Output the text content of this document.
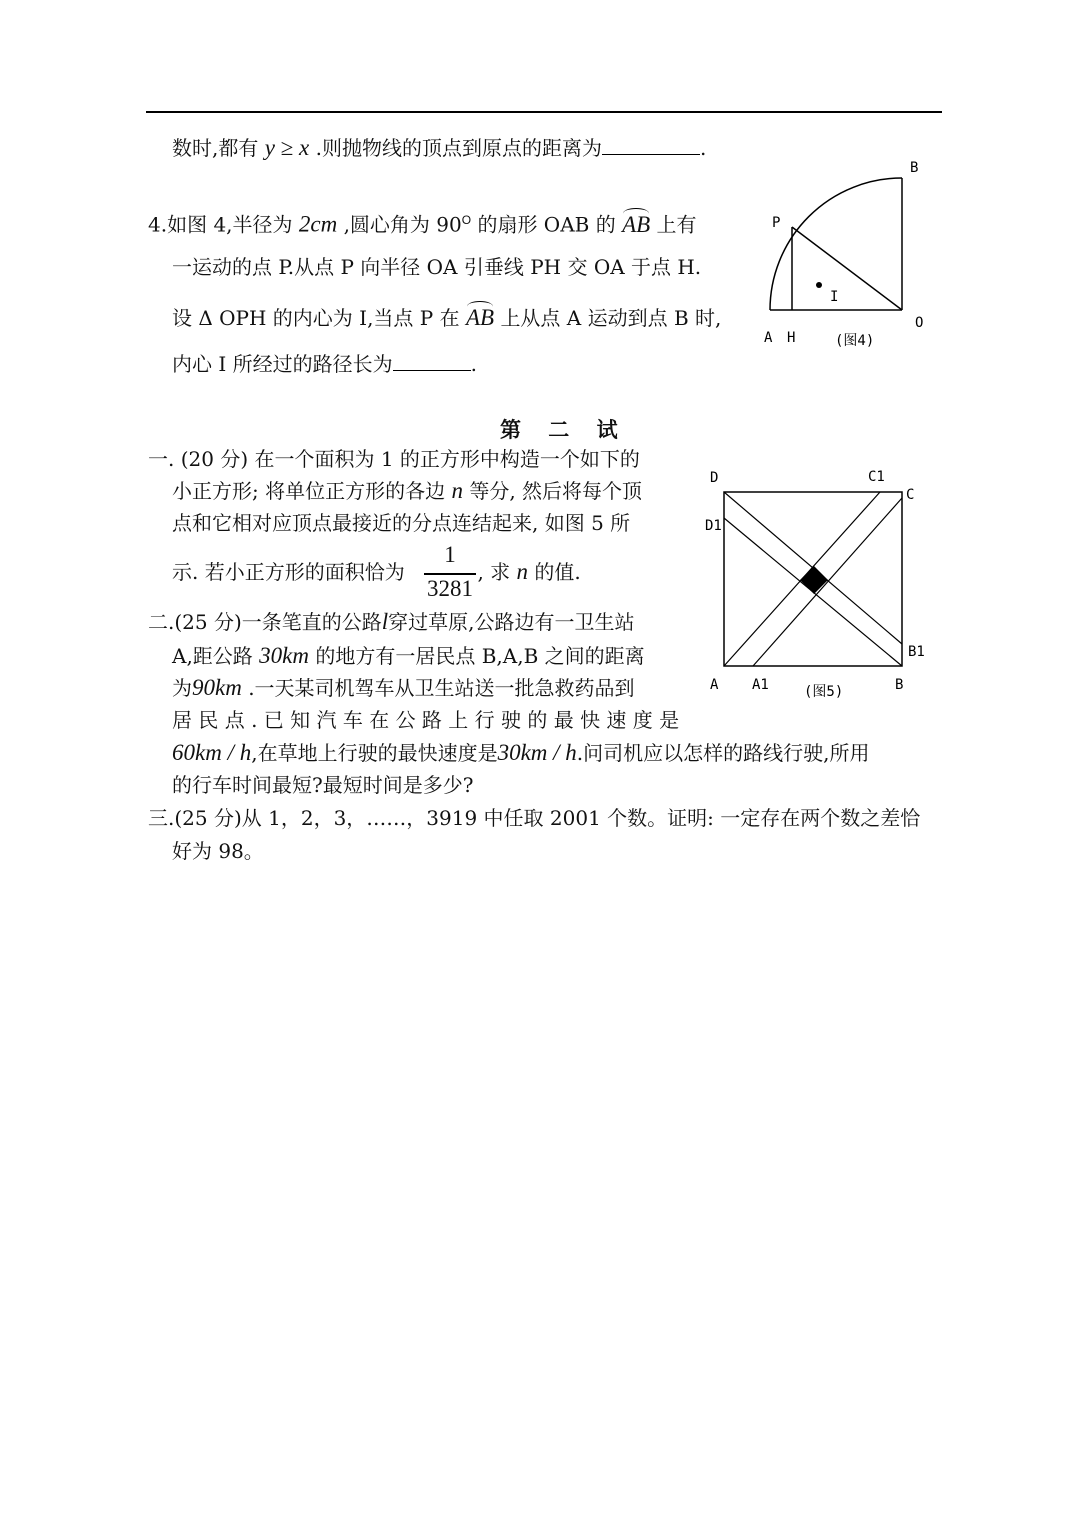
数时,都有 y ≥ x .则抛物线的顶点到原点的距离为	.
4.如图 4,半径为 2cm ,圆心角为 $90^O$ 的扇形 OAB 的 AB 上有
一运动的点 P.从点 P 向半径 OA 引垂线 PH 交 OA 于点 H.
设 Δ OPH 的内心为 I,当点 P 在 AB 上从点 A 运动到点 B 时,
内心 I 所经过的路径长为	.
B
P
I
O
A H	(图4)
第 二 试
一. (20 分) 在一个面积为 1 的正方形中构造一个如下的
小正方形; 将单位正方形的各边 n 等分, 然后将每个顶
点和它相对应顶点最接近的分点连结起来, 如图 5 所
示. 若小正方形的面积恰为	, 求 n 的值.
1
3281
D	C1
C
D1
B1
A A1	B
(图5)
二.(25 分)一条笔直的公路l穿过草原,公路边有一卫生站
A,距公路 30km 的地方有一居民点 B,A,B 之间的距离
为90km .一天某司机驾车从卫生站送一批急救药品到
居 民 点 . 已 知 汽 车 在 公 路 上 行 驶 的 最 快 速 度 是
60km / h,在草地上行驶的最快速度是30km / h.问司机应以怎样的路线行驶,所用
的行车时间最短?最短时间是多少?
三.(25 分)从 1，2，3，……，3919 中任取 2001 个数。证明: 一定存在两个数之差恰
好为 98。
